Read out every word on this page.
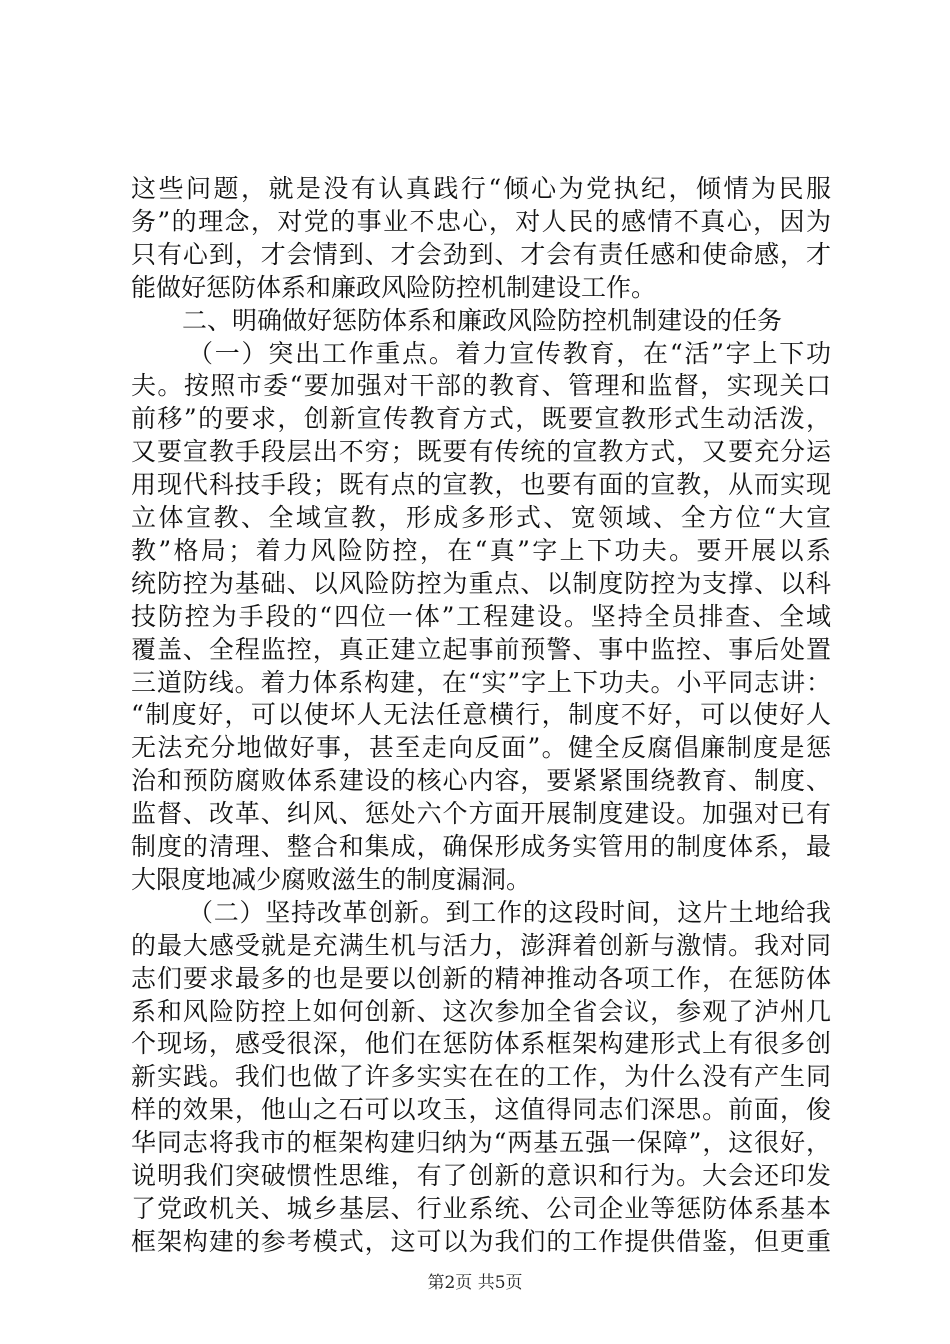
这些问题，就是没有认真践行“倾心为党执纪，倾情为民服
务”的理念，对党的事业不忠心，对人民的感情不真心，因为
只有心到，才会情到、才会劲到、才会有责任感和使命感，才
能做好惩防体系和廉政风险防控机制建设工作。
二、明确做好惩防体系和廉政风险防控机制建设的任务
（一）突出工作重点。着力宣传教育，在“活”字上下功
夫。按照市委“要加强对干部的教育、管理和监督，实现关口
前移”的要求，创新宣传教育方式，既要宣教形式生动活泼，
又要宣教手段层出不穷；既要有传统的宣教方式，又要充分运
用现代科技手段；既有点的宣教，也要有面的宣教，从而实现
立体宣教、全域宣教，形成多形式、宽领域、全方位“大宣
教”格局；着力风险防控，在“真”字上下功夫。要开展以系
统防控为基础、以风险防控为重点、以制度防控为支撑、以科
技防控为手段的“四位一体”工程建设。坚持全员排查、全域
覆盖、全程监控，真正建立起事前预警、事中监控、事后处置
三道防线。着力体系构建，在“实”字上下功夫。小平同志讲：
“制度好，可以使坏人无法任意横行，制度不好，可以使好人
无法充分地做好事，甚至走向反面”。健全反腐倡廉制度是惩
治和预防腐败体系建设的核心内容，要紧紧围绕教育、制度、
监督、改革、纠风、惩处六个方面开展制度建设。加强对已有
制度的清理、整合和集成，确保形成务实管用的制度体系，最
大限度地减少腐败滋生的制度漏洞。
（二）坚持改革创新。到工作的这段时间，这片土地给我
的最大感受就是充满生机与活力，澎湃着创新与激情。我对同
志们要求最多的也是要以创新的精神推动各项工作，在惩防体
系和风险防控上如何创新、这次参加全省会议，参观了泸州几
个现场，感受很深，他们在惩防体系框架构建形式上有很多创
新实践。我们也做了许多实实在在的工作，为什么没有产生同
样的效果，他山之石可以攻玉，这值得同志们深思。前面，俊
华同志将我市的框架构建归纳为“两基五强一保障”，这很好，
说明我们突破惯性思维，有了创新的意识和行为。大会还印发
了党政机关、城乡基层、行业系统、公司企业等惩防体系基本
第2页 共5页
框架构建的参考模式，这可以为我们的工作提供借鉴，但更重
